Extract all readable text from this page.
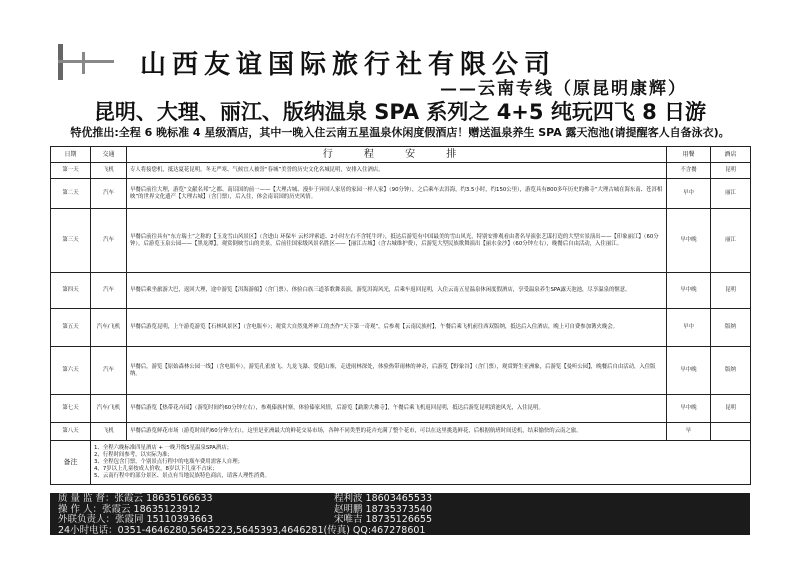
山西友谊国际旅行社有限公司
——云南专线（原昆明康辉）
昆明、大理、丽江、版纳温泉 SPA 系列之 4+5 纯玩四飞 8 日游
特优推出:全程 6 晚标准 4 星级酒店，其中一晚入住云南五星温泉休闲度假酒店！赠送温泉养生 SPA 露天泡池(请提醒客人自备泳衣)。
日期	交通	行 程 安 排	用餐	酒店
第一天	飞机	专人将接您机，抵达夏花昆明，冬无严寒、气候宜人被誉“春城”美誉的历史文化名城昆明，安排入住酒店。	不含餐	昆明
第二天	汽车	早餐后前往大理，游览“文献名邦”之都、南诏国的前一——【大理古城、漫步于异国人家居的家园一样人家】（90分钟），之后乘车去洱海，约3.5小时，约150公里），游览具有800多年历史的佛寺“大理古城在海东南、苍洱相映”的世界文化遗产【大理古城】（含门票），后入住，体会南诏国的历史风情。	早中	丽江
第三天	汽车	早餐后前往具有“东方瑞士”之称的【玉龙雪山风景区】（含进山 环保车 云杉坪索道、2小时左右不含牦牛坪），抵达后游览有中国最美的雪山风光，特别安排观看由著名导演张艺谋打造的大型实景演出——【印象丽江】（60分钟），后游览玉泉公园——【黑龙潭】，观赏倒映雪山的美景，后前往国家级风景名胜区——【丽江古城】（含古城维护费），后游览大型民族歌舞演出【丽水金沙】（60分钟左右），晚餐后自由活动，入住丽江。	早中晚	丽江
第四天	汽车	早餐后乘坐旅游大巴，返回大理，途中游览【洱海游船】（含门票），体验白族三道茶歌舞表演，游览洱海风光，后乘车返回昆明，入住云南五星温泉休闲度假酒店，享受温泉养生SPA露天泡池，尽享温泉的惬意。	早中晚	昆明
第五天	汽车/飞机	早餐后游览昆明，上午游览游览【石林风景区】（含电瓶车）；观赏大自然鬼斧神工的杰作“天下第一奇观”，后参观【云南民族村】，午餐后乘飞机前往西双版纳，抵达后入住酒店，晚上可自费参加篝火晚会。	早中	版纳
第六天	汽车	早餐后，游览【原始森林公园一线】（含电瓶车），游览孔雀放飞、九龙飞瀑、爱伲山寨，走进雨林深处，体验热带雨林的神奇，后游览【野象谷】（含门票），观赏野生亚洲象，后游览【曼听公园】，晚餐后自由活动，入住版纳。	早中晚	版纳
第七天	汽车/飞机	早餐后游览【热带花卉园】（游览时间约60分钟左右），参观傣族村寨，体验傣家风情，后游览【勐泐大佛寺】，午餐后乘飞机返回昆明，抵达后游览昆明滇池风光，入住昆明。	早中晚	昆明
第八天	飞机	早餐后游览鲜花市场（游览时间约60分钟左右），这里是亚洲最大的鲜花交易市场，各种不同类型的花卉充满了整个花市，可以在这里挑选鲜花，后根据航班时间送机，结束愉快的云南之旅。	早	
备注	1、全程六晚标准四星酒店 + 一晚升级5星温泉SPA酒店；
2、行程时间参考，以实际为准；
3、全程包含门票，个别景点行程中的电瓶车费用需客人自理；
4、7岁以上儿童按成人价收，8岁以下儿童不占床；
5、云南行程中的部分景区、景点有当地民族特色商店，请客人理性消费。			
质 量 监 督：张霞云 18635166633	程利波 18603465533
操 作 人：张霞云 18635123912	赵明鹏 18735373540
外联负责人：张霞同 15110393663	宋唯吉 18735126655
24小时电话：0351-4646280,5645223,5645393,4646281(传真) QQ:467278601
